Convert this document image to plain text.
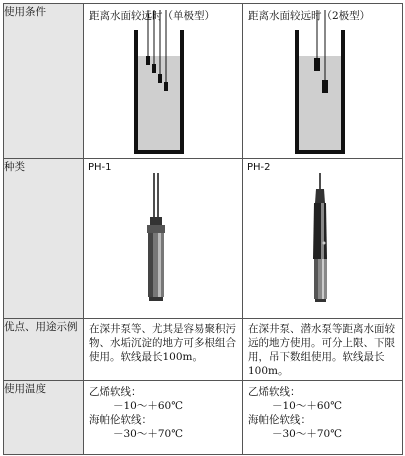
使用条件	距离水面较远时（单极型）	距离水面较远时（2极型）

种类	PH-1	PH-2

优点、用途示例	在深井泵等、尤其是容易聚积污物、水垢沉淀的地方可多根组合使用。软线最长100m。	在深井泵、潜水泵等距离水面较远的地方使用。可分上限、下限用，吊下数组使用。软线最长100m。

使用温度	乙烯软线：
－10～＋60℃
海帕伦软线：
－30～＋70℃	乙烯软线：
－10～＋60℃
海帕伦软线：
－30～＋70℃
